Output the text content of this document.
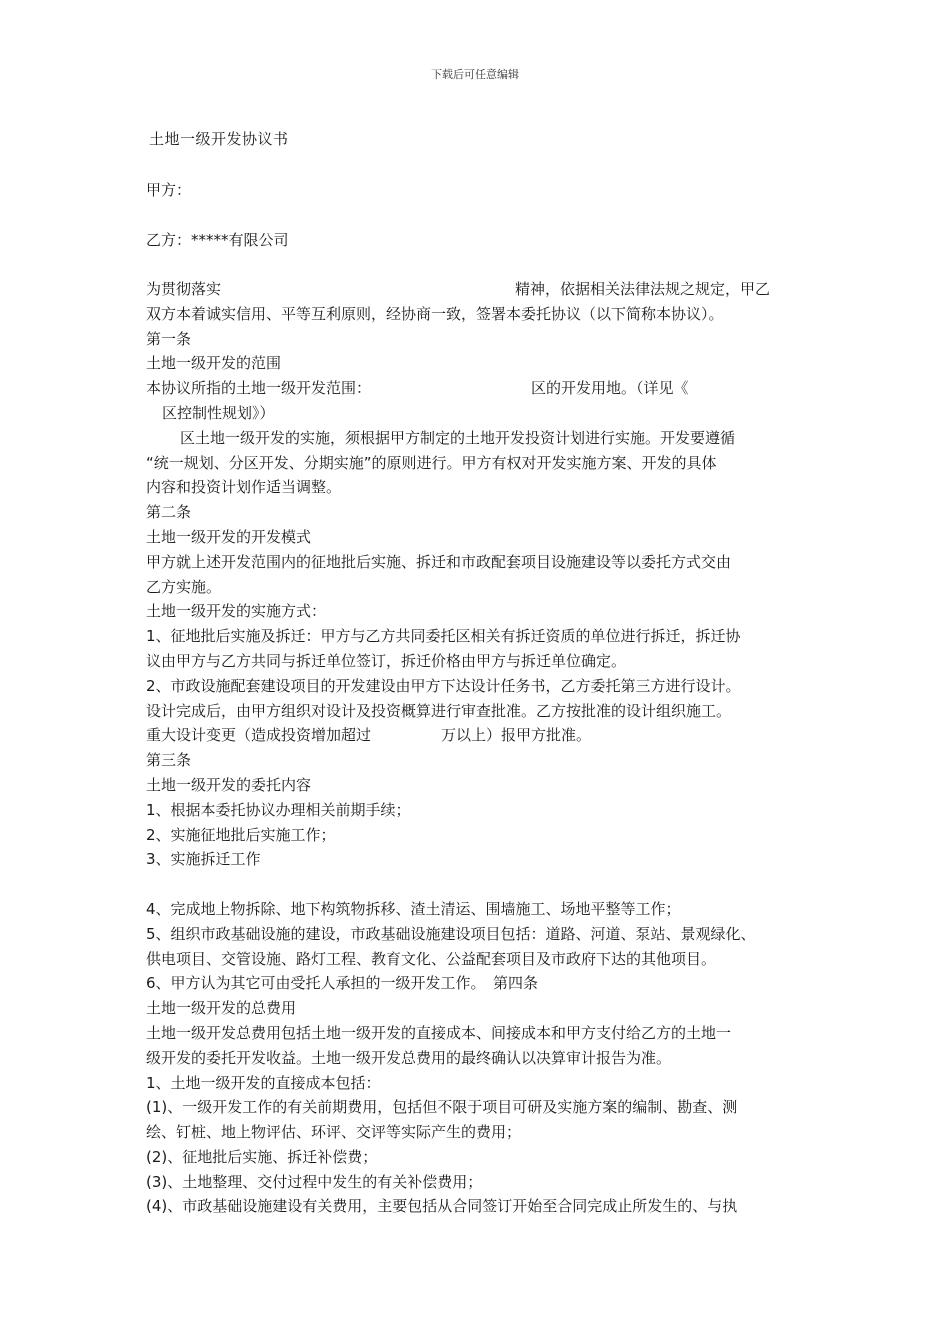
下载后可任意编辑
土地一级开发协议书
甲方：
乙方：*****有限公司

为贯彻落实	精神，依据相关法律法规之规定，甲乙

双方本着诚实信用、平等互利原则，经协商一致，签署本委托协议（以下简称本协议）。

第一条

土地一级开发的范围

本协议所指的土地一级开发范围：	区的开发用地。（详见《

区控制性规划》）

区土地一级开发的实施，须根据甲方制定的土地开发投资计划进行实施。开发要遵循

“统一规划、分区开发、分期实施”的原则进行。甲方有权对开发实施方案、开发的具体

内容和投资计划作适当调整。

第二条

土地一级开发的开发模式

甲方就上述开发范围内的征地批后实施、拆迁和市政配套项目设施建设等以委托方式交由

乙方实施。

土地一级开发的实施方式：

1、征地批后实施及拆迁：甲方与乙方共同委托区相关有拆迁资质的单位进行拆迁，拆迁协

议由甲方与乙方共同与拆迁单位签订，拆迁价格由甲方与拆迁单位确定。

2、市政设施配套建设项目的开发建设由甲方下达设计任务书，乙方委托第三方进行设计。

设计完成后，由甲方组织对设计及投资概算进行审查批准。乙方按批准的设计组织施工。

重大设计变更（造成投资增加超过	万以上）报甲方批准。

第三条

土地一级开发的委托内容

1、根据本委托协议办理相关前期手续；

2、实施征地批后实施工作；

3、实施拆迁工作

4、完成地上物拆除、地下构筑物拆移、渣土清运、围墙施工、场地平整等工作；

5、组织市政基础设施的建设，市政基础设施建设项目包括：道路、河道、泵站、景观绿化、

供电项目、交管设施、路灯工程、教育文化、公益配套项目及市政府下达的其他项目。

6、甲方认为其它可由受托人承担的一级开发工作。　第四条

土地一级开发的总费用

土地一级开发总费用包括土地一级开发的直接成本、间接成本和甲方支付给乙方的土地一

级开发的委托开发收益。土地一级开发总费用的最终确认以决算审计报告为准。

1、土地一级开发的直接成本包括：

(1)、一级开发工作的有关前期费用，包括但不限于项目可研及实施方案的编制、勘查、测

绘、钉桩、地上物评估、环评、交评等实际产生的费用；

(2)、征地批后实施、拆迁补偿费；

(3)、土地整理、交付过程中发生的有关补偿费用；

(4)、市政基础设施建设有关费用，主要包括从合同签订开始至合同完成止所发生的、与执
